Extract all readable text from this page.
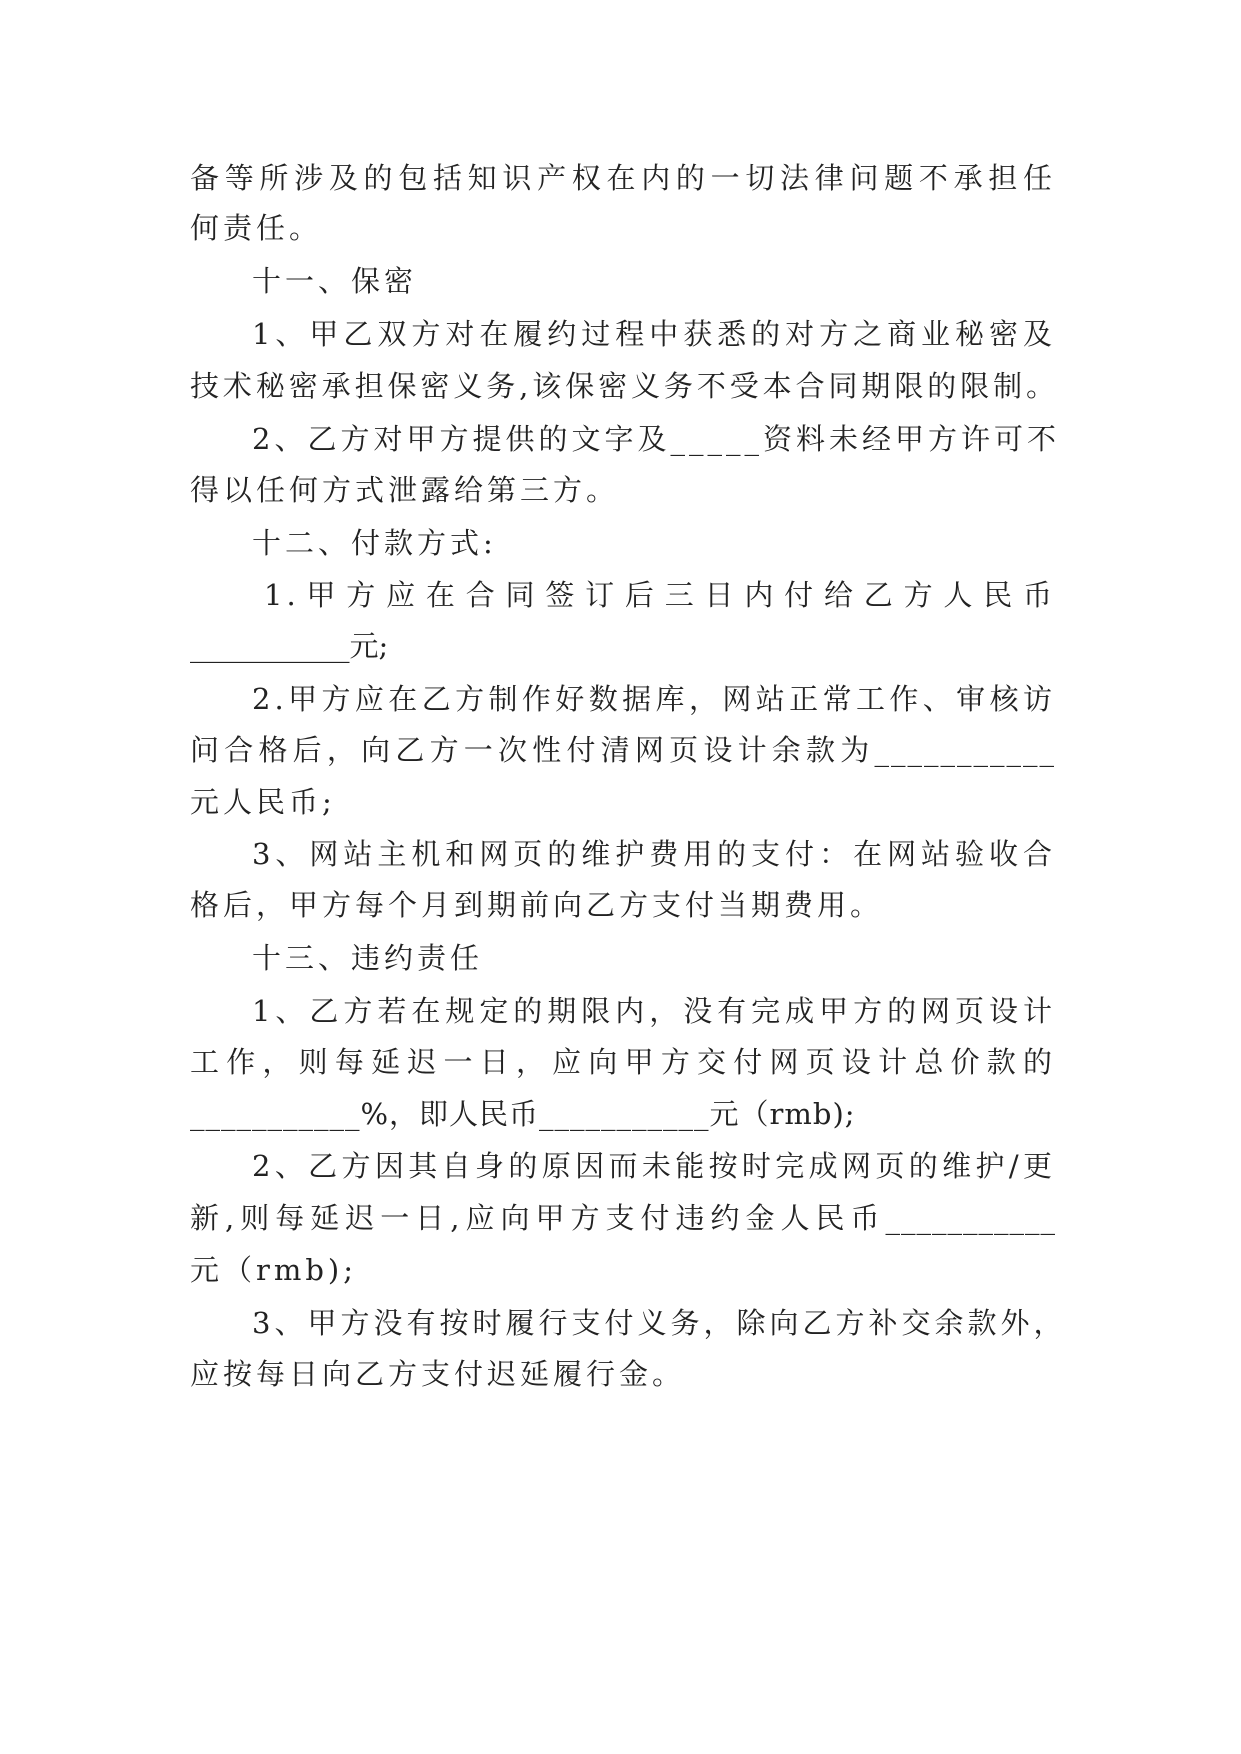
备等所涉及的包括知识产权在内的一切法律问题不承担任
何责任。
十一、保密
1、甲乙双方对在履约过程中获悉的对方之商业秘密及
技术秘密承担保密义务,该保密义务不受本合同期限的限制。
2、乙方对甲方提供的文字及_____资料未经甲方许可不
得以任何方式泄露给第三方。
十二、付款方式:
1.甲方应在合同签订后三日内付给乙方人民币
___________元;
2.甲方应在乙方制作好数据库，网站正常工作、审核访
问合格后，向乙方一次性付清网页设计余款为___________
元人民币;
3、网站主机和网页的维护费用的支付：在网站验收合
格后，甲方每个月到期前向乙方支付当期费用。
十三、违约责任
1、乙方若在规定的期限内，没有完成甲方的网页设计
工作，则每延迟一日，应向甲方交付网页设计总价款的
___________%，即人民币___________元（rmb);
2、乙方因其自身的原因而未能按时完成网页的维护/更
新,则每延迟一日,应向甲方支付违约金人民币___________
元（rmb);
3、甲方没有按时履行支付义务，除向乙方补交余款外，
应按每日向乙方支付迟延履行金。
